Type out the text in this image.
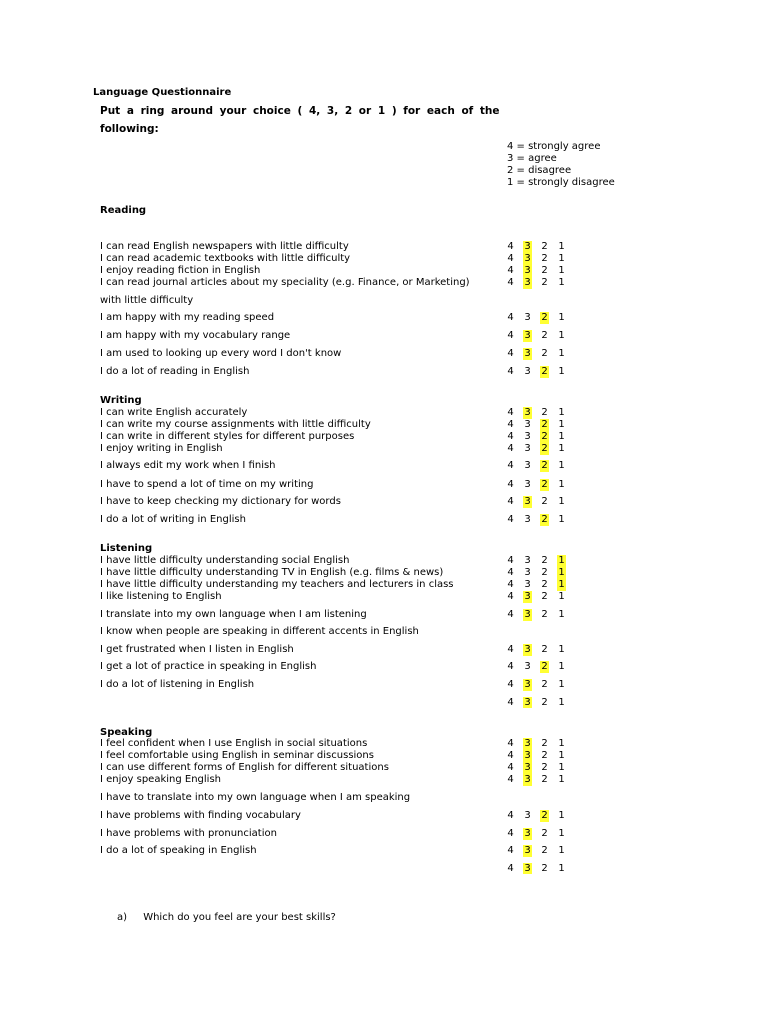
Language Questionnaire
Put a ring around your choice ( 4, 3, 2 or 1 ) for each of the
following:
4 = strongly agree
3 = agree
2 = disagree
1 = strongly disagree
Reading
I can read English newspapers with little difficulty	4 3 2 1
I can read academic textbooks with little difficulty	4 3 2 1
I enjoy reading fiction in English	4 3 2 1
I can read journal articles about my speciality (e.g. Finance, or Marketing)
with little difficulty
4 3 2 1
I am happy with my reading speed	4 3 2 1
I am happy with my vocabulary range	4 3 2 1
I am used to looking up every word I don't know	4 3 2 1
I do a lot of reading in English	4 3 2 1
Writing
I can write English accurately	4 3 2 1
I can write my course assignments with little difficulty	4 3 2 1
I can write in different styles for different purposes	4 3 2 1
I enjoy writing in English	4 3 2 1
I always edit my work when I finish	4 3 2 1
I have to spend a lot of time on my writing	4 3 2 1
I have to keep checking my dictionary for words	4 3 2 1
I do a lot of writing in English	4 3 2 1
Listening
I have little difficulty understanding social English	4 3 2 1
I have little difficulty understanding TV in English (e.g. films & news)	4 3 2 1
I have little difficulty understanding my teachers and lecturers in class	4 3 2 1
I like listening to English	4 3 2 1
I translate into my own language when I am listening	4 3 2 1
I know when people are speaking in different accents in English
I get frustrated when I listen in English	4 3 2 1
I get a lot of practice in speaking in English	4 3 2 1
I do a lot of listening in English	4 3 2 1
4 3 2 1
Speaking
I feel confident when I use English in social situations	4 3 2 1
I feel comfortable using English in seminar discussions	4 3 2 1
I can use different forms of English for different situations	4 3 2 1
I enjoy speaking English	4 3 2 1
I have to translate into my own language when I am speaking
I have problems with finding vocabulary	4 3 2 1
I have problems with pronunciation	4 3 2 1
I do a lot of speaking in English	4 3 2 1
4 3 2 1
a) Which do you feel are your best skills?
